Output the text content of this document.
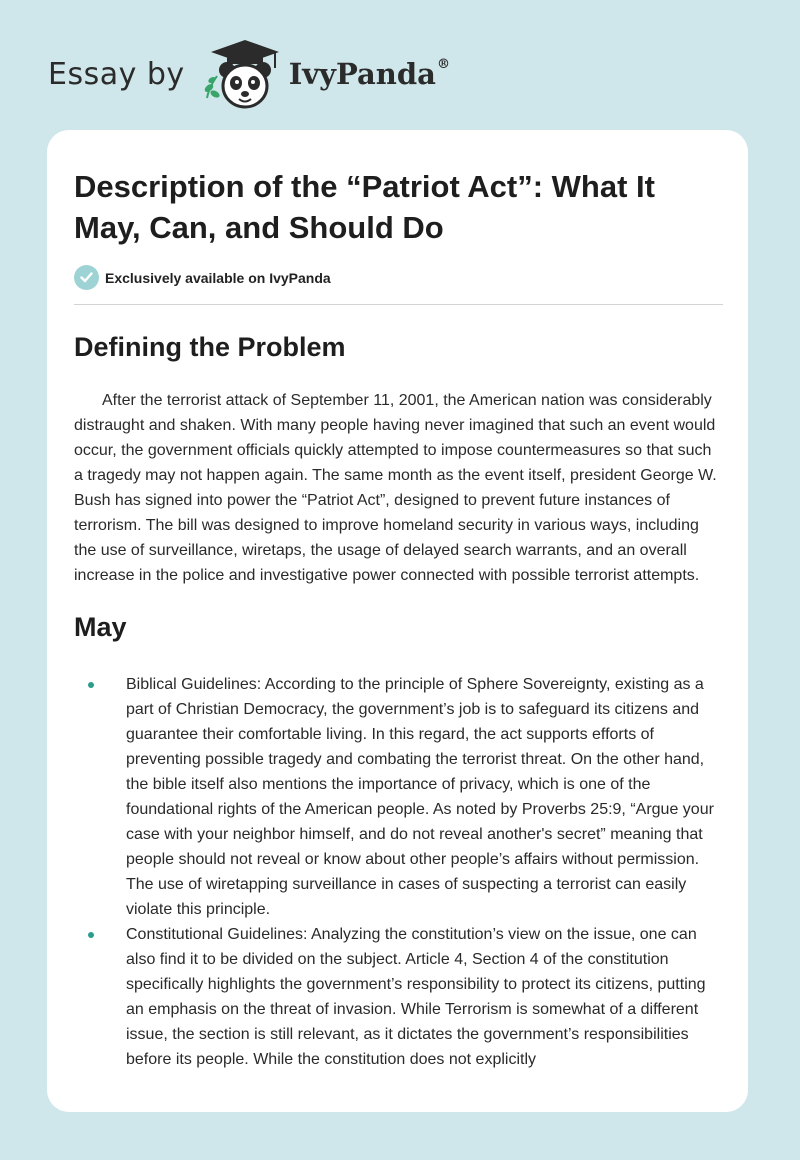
Essay by	IvyPanda®
Description of the “Patriot Act”: What It May, Can, and Should Do
Exclusively available on IvyPanda
Defining the Problem

After the terrorist attack of September 11, 2001, the American nation was considerably distraught and shaken. With many people having never imagined that such an event would occur, the government officials quickly attempted to impose countermeasures so that such a tragedy may not happen again. The same month as the event itself, president George W. Bush has signed into power the “Patriot Act”, designed to prevent future instances of terrorism. The bill was designed to improve homeland security in various ways, including the use of surveillance, wiretaps, the usage of delayed search warrants, and an overall increase in the police and investigative power connected with possible terrorist attempts.

May
Biblical Guidelines: According to the principle of Sphere Sovereignty, existing as a part of Christian Democracy, the government’s job is to safeguard its citizens and guarantee their comfortable living. In this regard, the act supports efforts of preventing possible tragedy and combating the terrorist threat. On the other hand, the bible itself also mentions the importance of privacy, which is one of the foundational rights of the American people. As noted by Proverbs 25:9, “Argue your case with your neighbor himself, and do not reveal another's secret” meaning that people should not reveal or know about other people’s affairs without permission. The use of wiretapping surveillance in cases of suspecting a terrorist can easily violate this principle.
Constitutional Guidelines: Analyzing the constitution’s view on the issue, one can also find it to be divided on the subject. Article 4, Section 4 of the constitution specifically highlights the government’s responsibility to protect its citizens, putting an emphasis on the threat of invasion. While Terrorism is somewhat of a different issue, the section is still relevant, as it dictates the government’s responsibilities before its people. While the constitution does not explicitly
